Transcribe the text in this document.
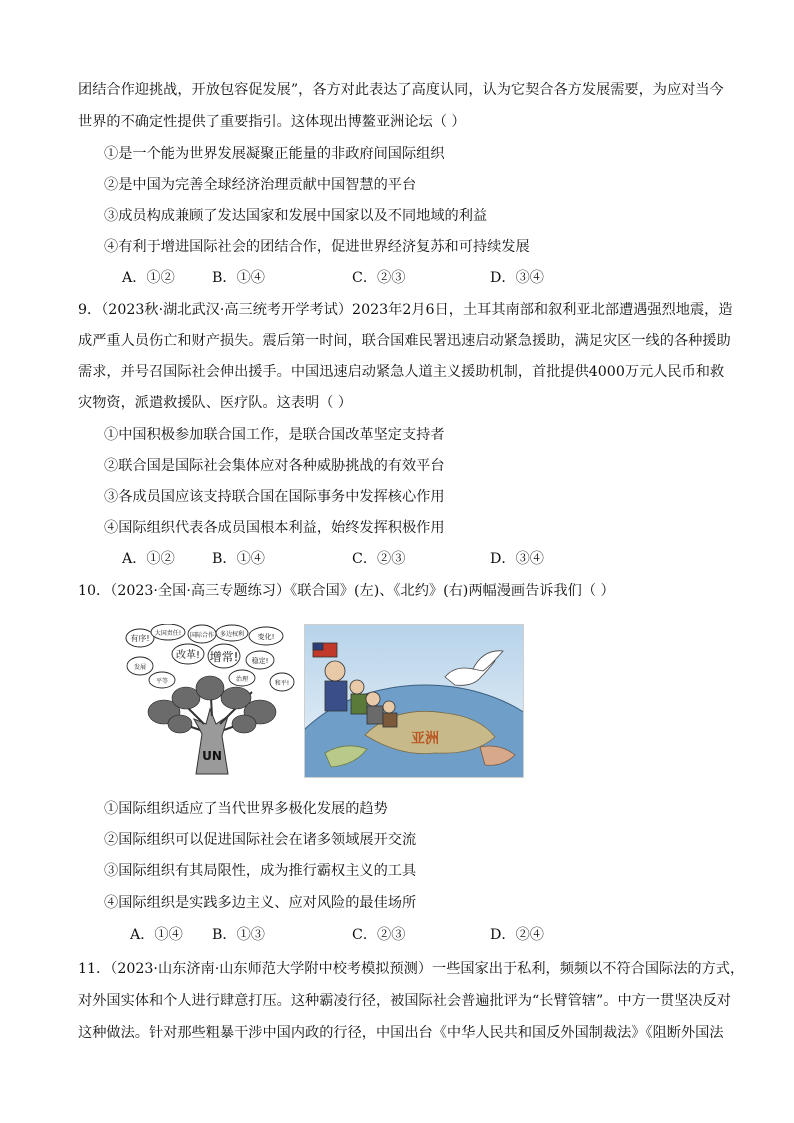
团结合作迎挑战，开放包容促发展”，各方对此表达了高度认同，认为它契合各方发展需要，为应对当今
世界的不确定性提供了重要指引。这体现出博鳌亚洲论坛（ ）
①是一个能为世界发展凝聚正能量的非政府间国际组织
②是中国为完善全球经济治理贡献中国智慧的平台
③成员构成兼顾了发达国家和发展中国家以及不同地域的利益
④有利于增进国际社会的团结合作，促进世界经济复苏和可持续发展
A．①②	B．①④	C．②③	D．③④
9．（2023秋·湖北武汉·高三统考开学考试）2023年2月6日，土耳其南部和叙利亚北部遭遇强烈地震，造
成严重人员伤亡和财产损失。震后第一时间，联合国难民署迅速启动紧急援助，满足灾区一线的各种援助
需求，并号召国际社会伸出援手。中国迅速启动紧急人道主义援助机制，首批提供4000万元人民币和救
灾物资，派遣救援队、医疗队。这表明（ ）
①中国积极参加联合国工作，是联合国改革坚定支持者
②联合国是国际社会集体应对各种威胁挑战的有效平台
③各成员国应该支持联合国在国际事务中发挥核心作用
④国际组织代表各成员国根本利益，始终发挥积极作用
A．①②	B．①④	C．②③	D．③④
10．（2023·全国·高三专题练习）《联合国》(左)、《北约》(右)两幅漫画告诉我们（ ）
有序!
大国责任! 国际合作 多边权利 变化!
改革! 增常! 稳定!
发展
平等	和平!
治理
UN
亚洲
①国际组织适应了当代世界多极化发展的趋势
②国际组织可以促进国际社会在诸多领域展开交流
③国际组织有其局限性，成为推行霸权主义的工具
④国际组织是实践多边主义、应对风险的最佳场所
A．①④ B．①③	C．②③	D．②④
11．（2023·山东济南·山东师范大学附中校考模拟预测）一些国家出于私利，频频以不符合国际法的方式，
对外国实体和个人进行肆意打压。这种霸凌行径，被国际社会普遍批评为“长臂管辖”。中方一贯坚决反对
这种做法。针对那些粗暴干涉中国内政的行径，中国出台《中华人民共和国反外国制裁法》《阻断外国法
